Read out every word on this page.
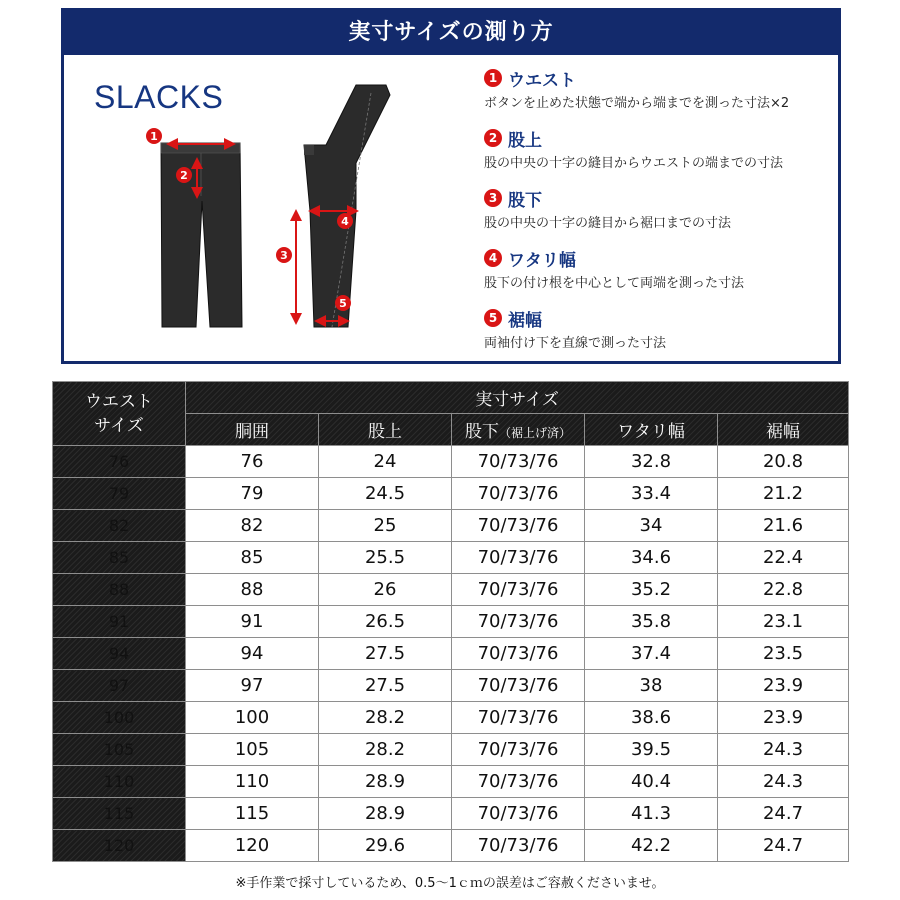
実寸サイズの測り方
1
2
3
4
5
SLACKS
1 ウエスト
ボタンを止めた状態で端から端までを測った寸法×2
2 股上
股の中央の十字の縫目からウエストの端までの寸法
3 股下
股の中央の十字の縫目から裾口までの寸法
4 ワタリ幅
股下の付け根を中心として両端を測った寸法
5 裾幅
両袖付け下を直線で測った寸法
ウエスト
サイズ	実寸サイズ				
	胴囲	股上	股下（裾上げ済）	ワタリ幅	裾幅
76	76	24	70/73/76	32.8	20.8
79	79	24.5	70/73/76	33.4	21.2
82	82	25	70/73/76	34	21.6
85	85	25.5	70/73/76	34.6	22.4
88	88	26	70/73/76	35.2	22.8
91	91	26.5	70/73/76	35.8	23.1
94	94	27.5	70/73/76	37.4	23.5
97	97	27.5	70/73/76	38	23.9
100	100	28.2	70/73/76	38.6	23.9
105	105	28.2	70/73/76	39.5	24.3
110	110	28.9	70/73/76	40.4	24.3
115	115	28.9	70/73/76	41.3	24.7
120	120	29.6	70/73/76	42.2	24.7
※手作業で採寸しているため、0.5～1ｃｍの誤差はご容赦くださいませ。
